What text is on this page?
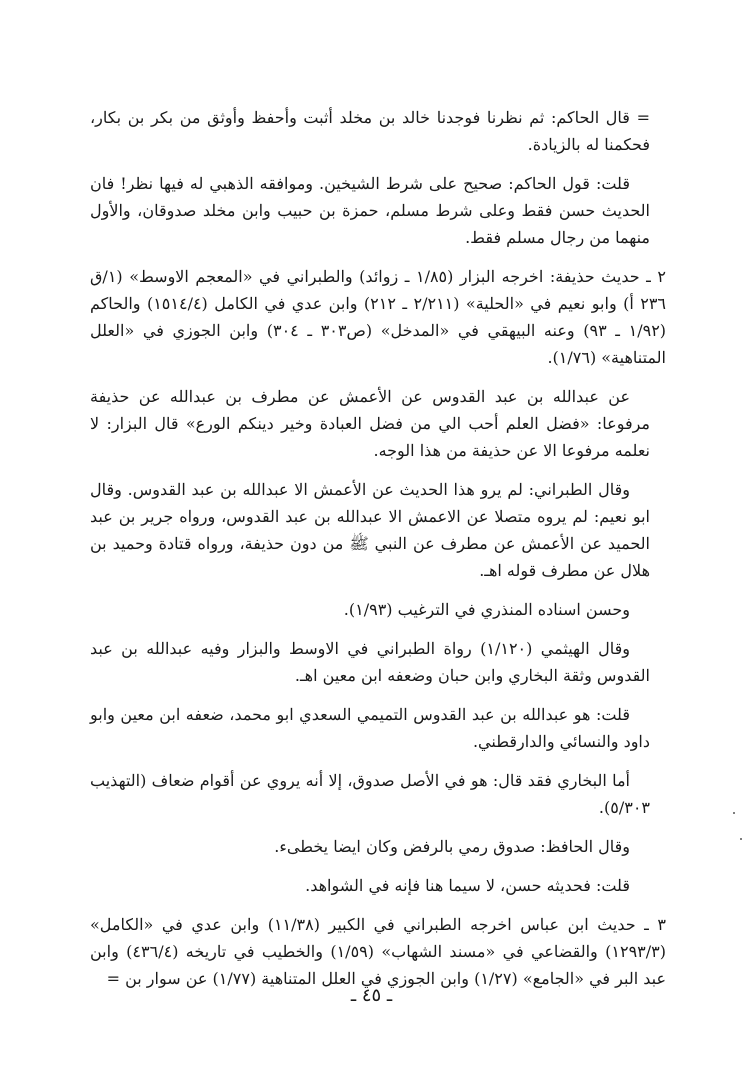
= قال الحاكم: ثم نظرنا فوجدنا خالد بن مخلد أثبت وأحفظ وأوثق من بكر بن بكار، فحكمنا له بالزيادة.

قلت: قول الحاكم: صحيح على شرط الشيخين. وموافقه الذهبي له فيها نظر! فان الحديث حسن فقط وعلى شرط مسلم، حمزة بن حبيب وابن مخلد صدوقان، والأول منهما من رجال مسلم فقط.

٢ ـ حديث حذيفة: اخرجه البزار (١/٨٥ ـ زوائد) والطبراني في «المعجم الاوسط» (١/ق ٢٣٦ أ) وابو نعيم في «الحلية» (٢/٢١١ ـ ٢١٢) وابن عدي في الكامل (١٥١٤/٤) والحاكم (١/٩٢ ـ ٩٣) وعنه البيهقي في «المدخل» (ص٣٠٣ ـ ٣٠٤) وابن الجوزي في «العلل المتناهية» (١/٧٦).

عن عبدالله بن عبد القدوس عن الأعمش عن مطرف بن عبدالله عن حذيفة مرفوعا: «فضل العلم أحب الي من فضل العبادة وخير دينكم الورع» قال البزار: لا نعلمه مرفوعا الا عن حذيفة من هذا الوجه.

وقال الطبراني: لم يرو هذا الحديث عن الأعمش الا عبدالله بن عبد القدوس. وقال ابو نعيم: لم يروه متصلا عن الاعمش الا عبدالله بن عبد القدوس، ورواه جرير بن عبد الحميد عن الأعمش عن مطرف عن النبي ﷺ من دون حذيفة، ورواه قتادة وحميد بن هلال عن مطرف قوله اهـ.

وحسن اسناده المنذري في الترغيب (١/٩٣).

وقال الهيثمي (١/١٢٠) رواة الطبراني في الاوسط والبزار وفيه عبدالله بن عبد القدوس وثقة البخاري وابن حبان وضعفه ابن معين اهـ.

قلت: هو عبدالله بن عبد القدوس التميمي السعدي ابو محمد، ضعفه ابن معين وابو داود والنسائي والدارقطني.

أما البخاري فقد قال: هو في الأصل صدوق، إلا أنه يروي عن أقوام ضعاف (التهذيب ٥/٣٠٣).

وقال الحافظ: صدوق رمي بالرفض وكان ايضا يخطىء.

قلت: فحديثه حسن، لا سيما هنا فإنه في الشواهد.

٣ ـ حديث ابن عباس اخرجه الطبراني في الكبير (١١/٣٨) وابن عدي في «الكامل» (١٢٩٣/٣) والقضاعي في «مسند الشهاب» (١/٥٩) والخطيب في تاريخه (٤٣٦/٤) وابن عبد البر في «الجامع» (١/٢٧) وابن الجوزي في العلل المتناهية (١/٧٧) عن سوار بن =

ـ ٤٥ ـ
